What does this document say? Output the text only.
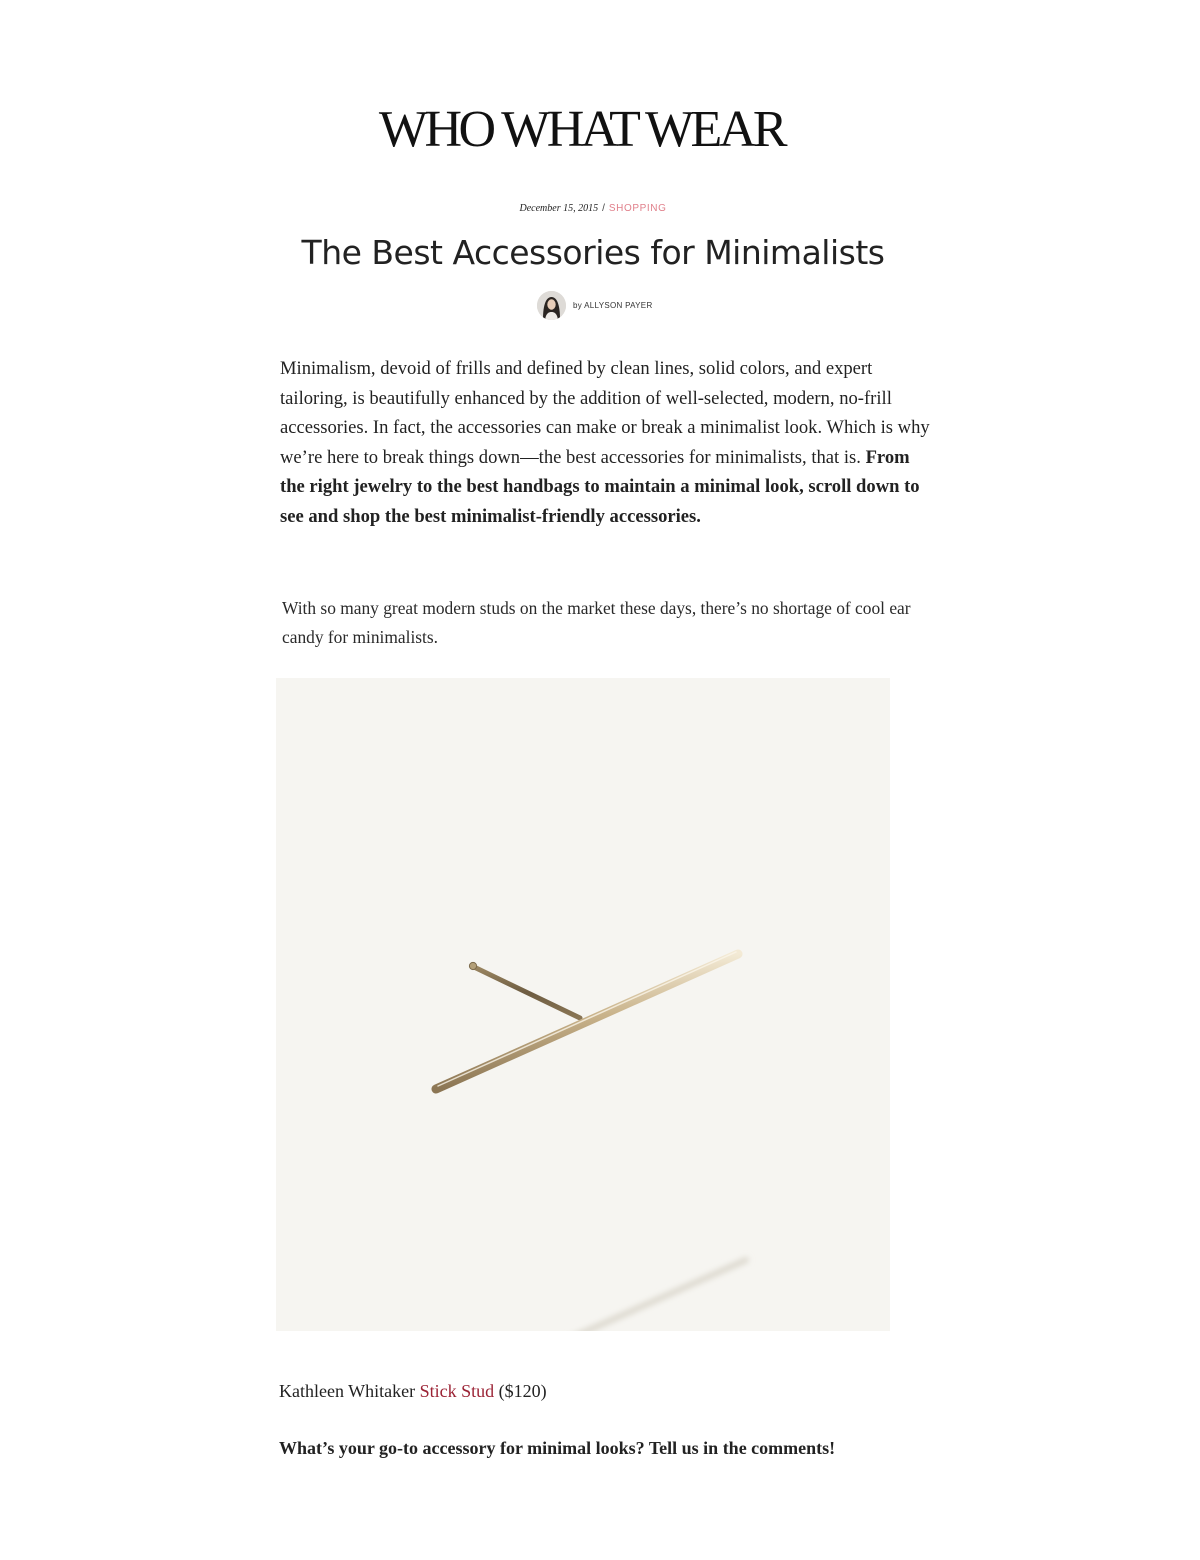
WHO WHAT WEAR
December 15, 2015 / SHOPPING
The Best Accessories for Minimalists
by ALLYSON PAYER

Minimalism, devoid of frills and defined by clean lines, solid colors, and expert tailoring, is beautifully enhanced by the addition of well-selected, modern, no-frill accessories. In fact, the accessories can make or break a minimalist look. Which is why we’re here to break things down—the best accessories for minimalists, that is. From the right jewelry to the best handbags to maintain a minimal look, scroll down to see and shop the best minimalist-friendly accessories.

With so many great modern studs on the market these days, there’s no shortage of cool ear candy for minimalists.

Kathleen Whitaker Stick Stud ($120)

What’s your go-to accessory for minimal looks? Tell us in the comments!
